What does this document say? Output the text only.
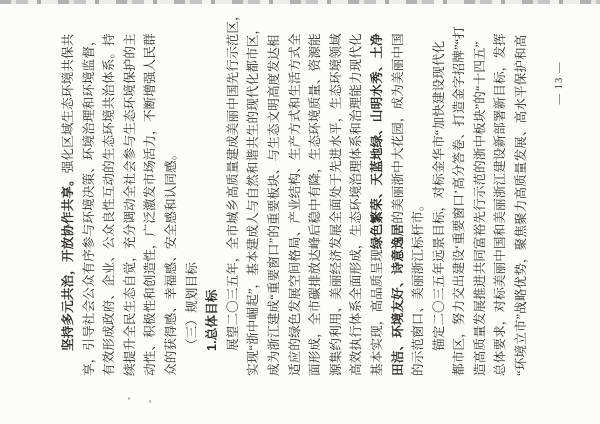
坚持多元共治，开放协作共享。强化区域生态环境共保共 享，引导社会公众有序参与环境决策、环境治理和环境监督， 有效形成政府、企业、公众良性互动的生态环境共治体系。持 续提升全民生态自觉，充分调动全社会参与生态环境保护的主 动性、积极性和创造性，广泛激发市场活力，不断增强人民群 众的获得感、幸福感、安全感和认同感。 （三）规划目标 1.总体目标 展望二〇三五年，全市城乡高质量建成美丽中国先行示范区， 实现“浙中崛起”，基本建成人与自然和谐共生的现代化都市区， 成为浙江建成“重要窗口”的重要板块、与生态文明高度发达相 适应的绿色发展空间格局、产业结构、生产方式和生活方式全 面形成，全市碳排放达峰后稳中有降，生态环境质量、资源能 源集约利用、美丽经济发展全面处于先进水平，生态环境领域 高效执行体系全面形成，生态环境治理体系和治理能力现代化 基本实现，高品质呈现绿色繁荣、天蓝地绿、山明水秀、土净
田洁、环境友好、诗意逸居的美丽浙中大花园，成为美丽中国
的示范窗口、美丽浙江标杆市。 锚定二〇三五年远景目标，对标金华市“加快建设现代化 都市区，努力交出建设‘重要窗口’高分答卷、打造金字招牌”“打 造高质量发展推进共同富裕先行示范的浙中板块”的“十四五” 总体要求，对标美丽中国和美丽浙江建设新部署新目标，发挥 “环境立市”战略优势，聚焦聚力高质量发展、高水平保护和高	— 13 —
